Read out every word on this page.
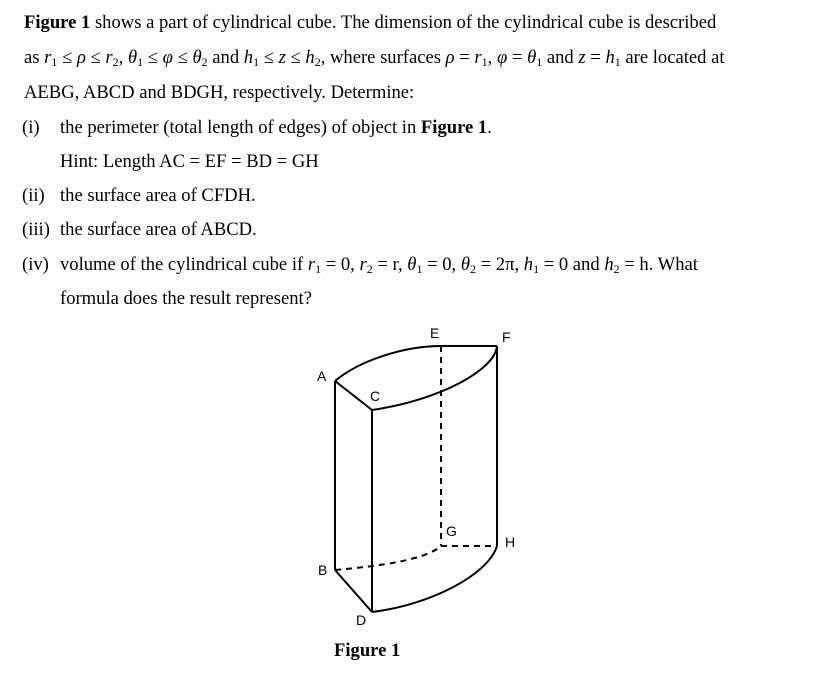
Figure 1 shows a part of cylindrical cube. The dimension of the cylindrical cube is described
as $r_1 \le \rho \le r_2$, $\theta_1 \le \varphi \le \theta_2$ and $h_1 \le z \le h_2$, where surfaces $\rho = r_1$, $\varphi = \theta_1$ and $z = h_1$ are located at
AEBG, ABCD and BDGH, respectively. Determine:
(i) the perimeter (total length of edges) of object in Figure 1.
Hint: Length AC = EF = BD = GH
(ii) the surface area of CFDH.
(iii) the surface area of ABCD.
(iv) volume of the cylindrical cube if $r_1 = 0$, $r_2 = r$, $\theta_1 = 0$, $\theta_2 = 2\pi$, $h_1 = 0$ and $h_2 = h$. What
formula does the result represent?
A
B
C
D
E	F
G
H
Figure 1
